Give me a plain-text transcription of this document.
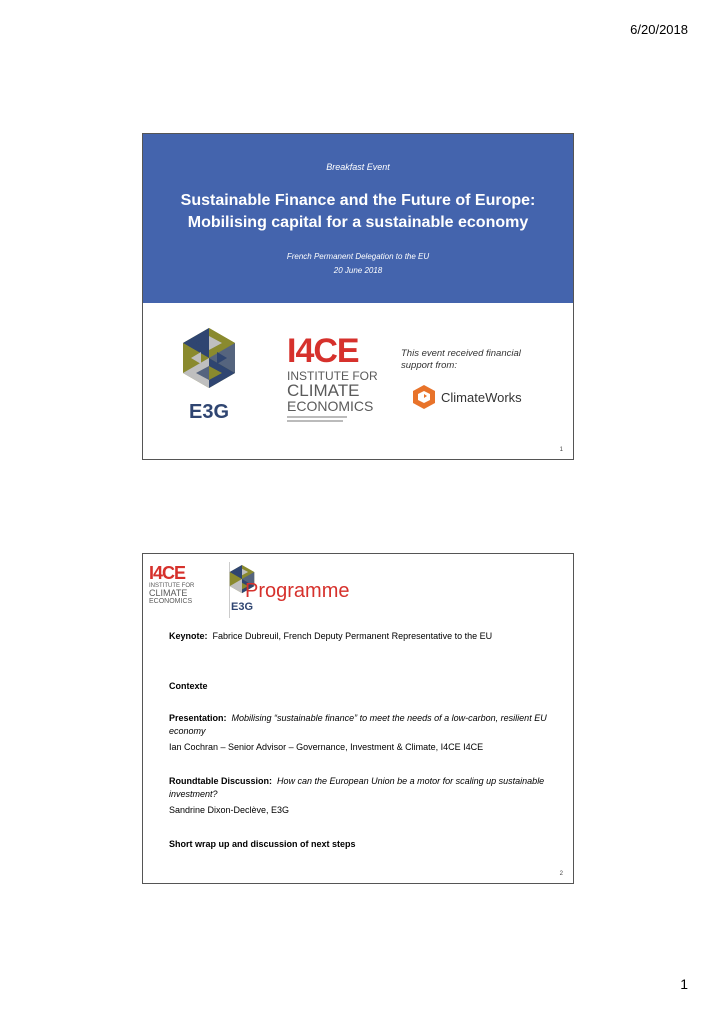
6/20/2018
Breakfast Event
Sustainable Finance and the Future of Europe:
Mobilising capital for a sustainable economy
French Permanent Delegation to the EU
20 June 2018
E3G
I4CE
INSTITUTE FOR
CLIMATE
ECONOMICS
This event received financial
support from:
ClimateWorks
1
I4CE
INSTITUTE FOR
CLIMATE
ECONOMICS	E3G
Programme
Keynote: Fabrice Dubreuil, French Deputy Permanent Representative to the EU
Contexte
Presentation: Mobilising “sustainable finance” to meet the needs of a low-carbon, resilient EU economy
Ian Cochran – Senior Advisor – Governance, Investment & Climate, I4CE I4CE
Roundtable Discussion: How can the European Union be a motor for scaling up sustainable investment?
Sandrine Dixon-Declève, E3G
Short wrap up and discussion of next steps
2
1
